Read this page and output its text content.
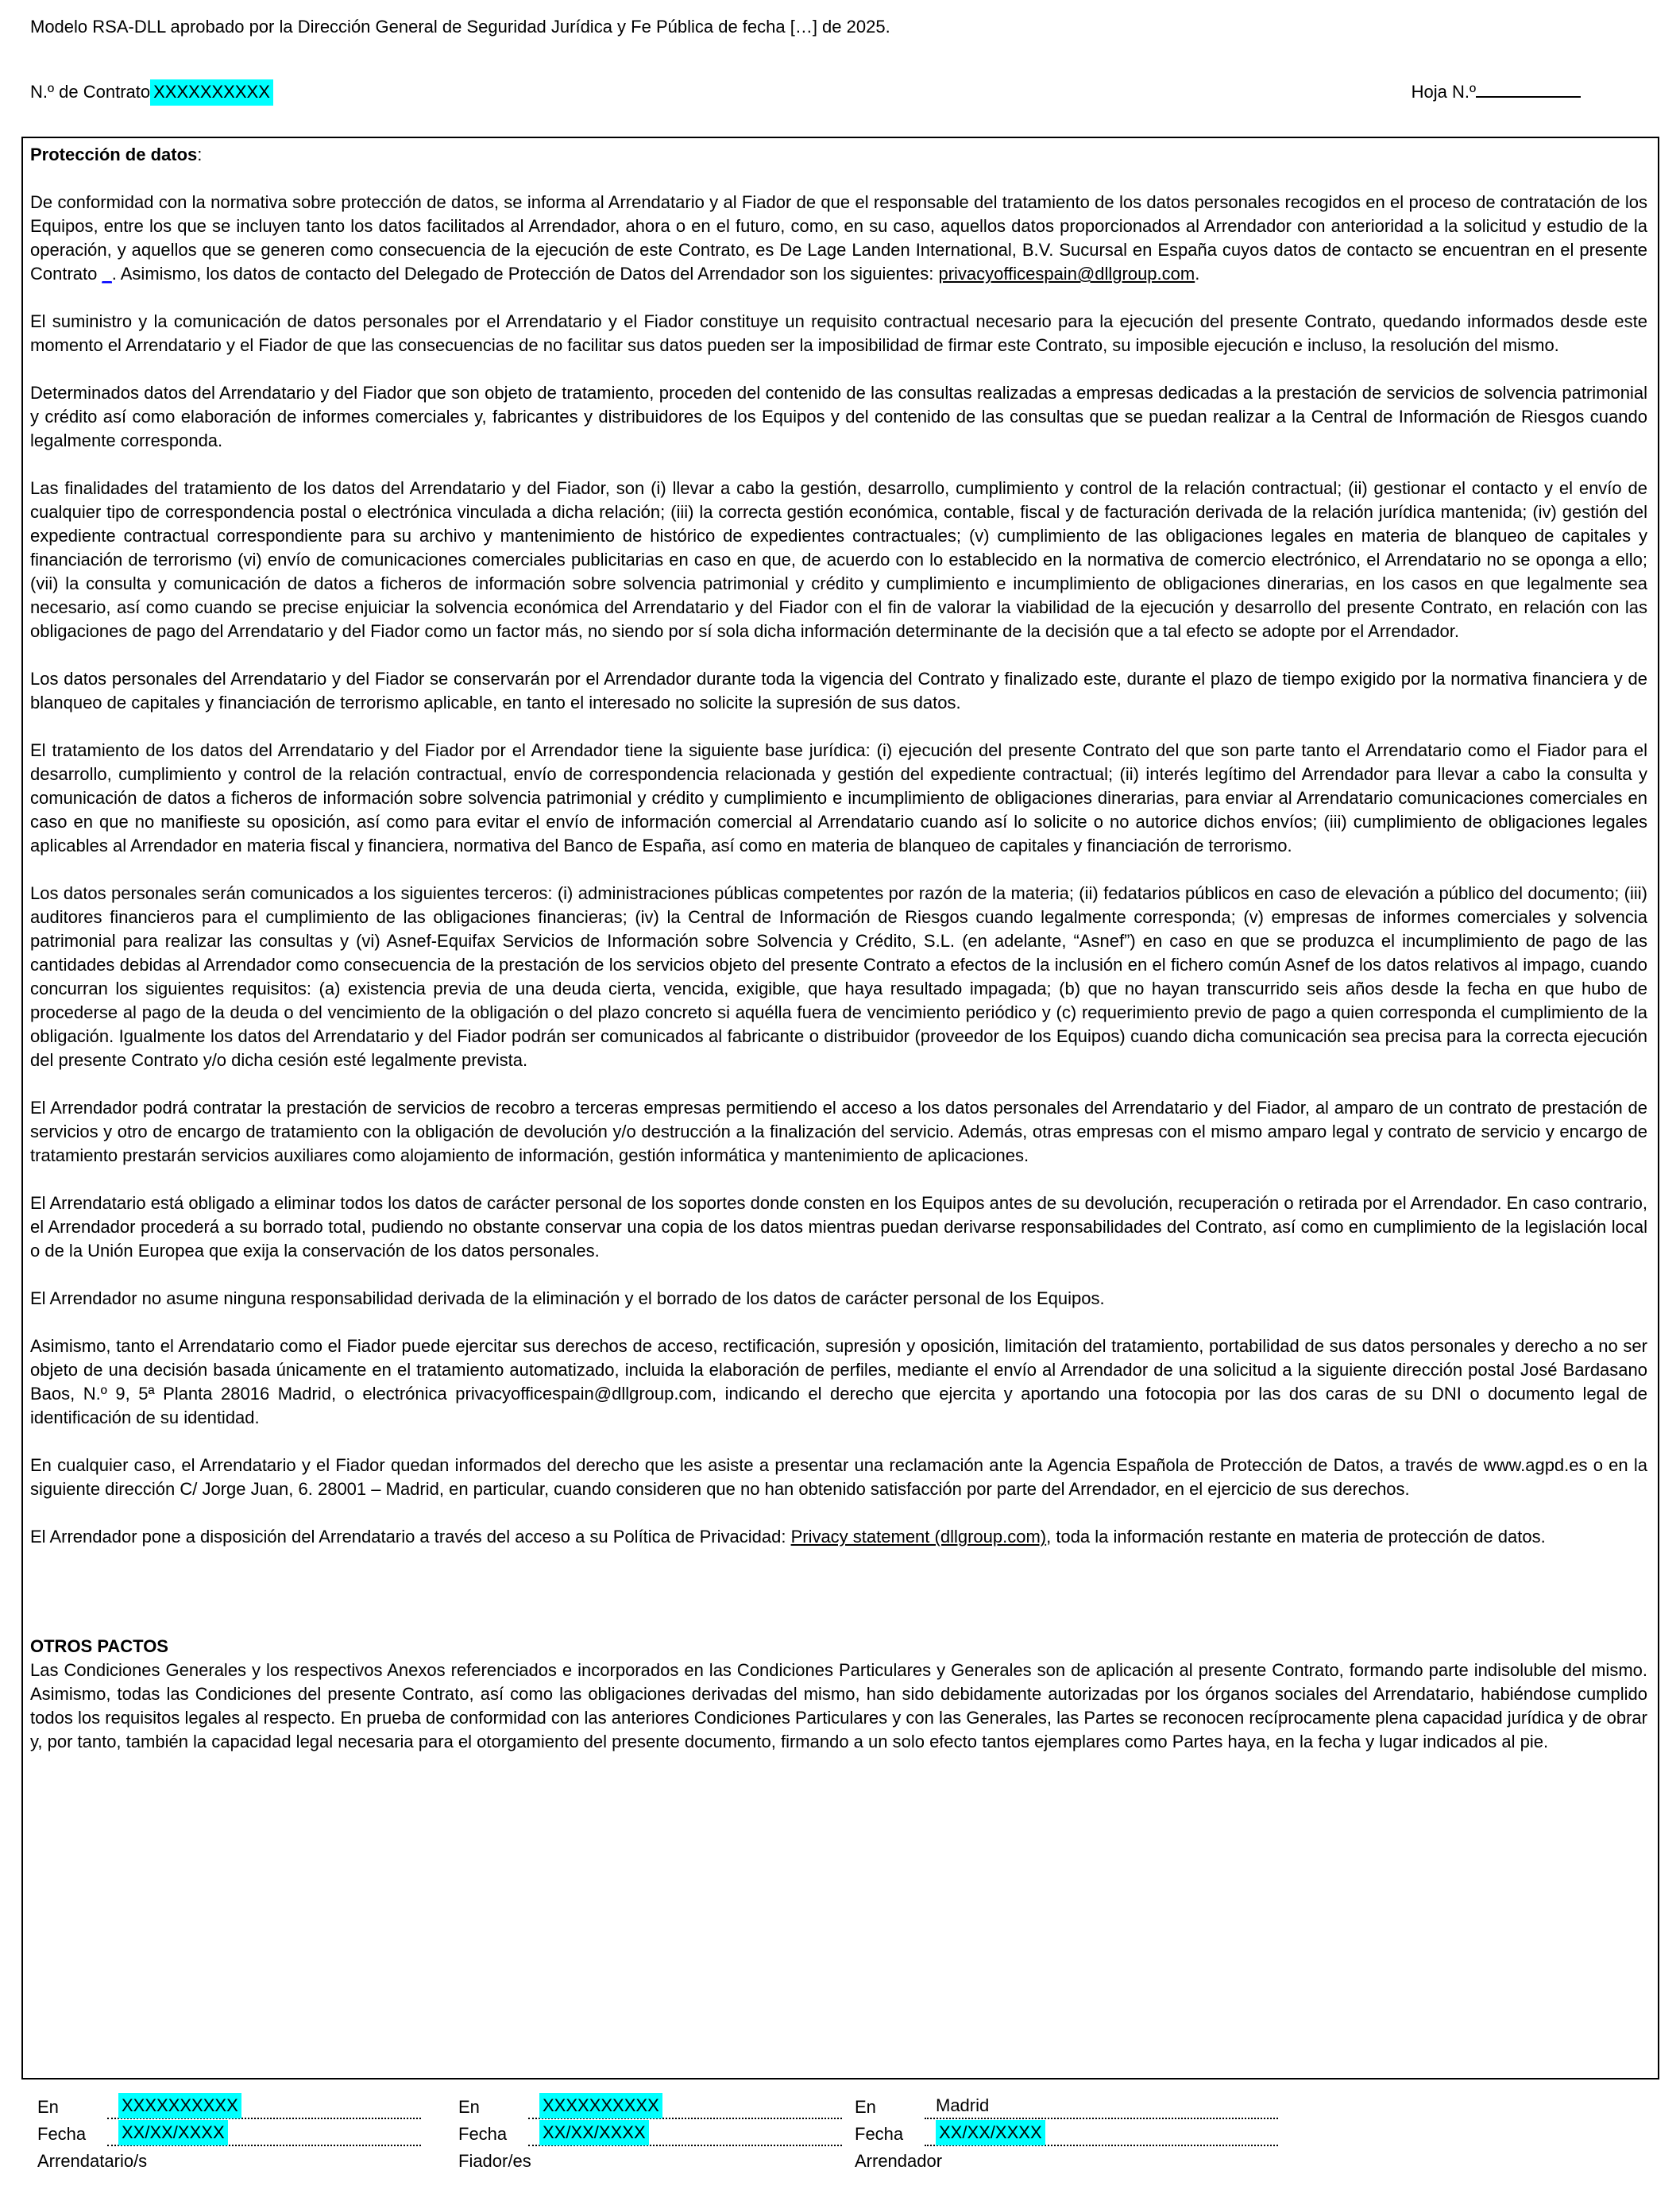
Modelo RSA-DLL aprobado por la Dirección General de Seguridad Jurídica y Fe Pública de fecha […] de 2025.
N.º de Contrato XXXXXXXXXX	Hoja N.º
Protección de datos:

De conformidad con la normativa sobre protección de datos, se informa al Arrendatario y al Fiador de que el responsable del tratamiento de los datos personales recogidos en el proceso de contratación de los Equipos, entre los que se incluyen tanto los datos facilitados al Arrendador, ahora o en el futuro, como, en su caso, aquellos datos proporcionados al Arrendador con anterioridad a la solicitud y estudio de la operación, y aquellos que se generen como consecuencia de la ejecución de este Contrato, es De Lage Landen International, B.V. Sucursal en España cuyos datos de contacto se encuentran en el presente Contrato _. Asimismo, los datos de contacto del Delegado de Protección de Datos del Arrendador son los siguientes: privacyofficespain@dllgroup.com.

El suministro y la comunicación de datos personales por el Arrendatario y el Fiador constituye un requisito contractual necesario para la ejecución del presente Contrato, quedando informados desde este momento el Arrendatario y el Fiador de que las consecuencias de no facilitar sus datos pueden ser la imposibilidad de firmar este Contrato, su imposible ejecución e incluso, la resolución del mismo.

Determinados datos del Arrendatario y del Fiador que son objeto de tratamiento, proceden del contenido de las consultas realizadas a empresas dedicadas a la prestación de servicios de solvencia patrimonial y crédito así como elaboración de informes comerciales y, fabricantes y distribuidores de los Equipos y del contenido de las consultas que se puedan realizar a la Central de Información de Riesgos cuando legalmente corresponda.

Las finalidades del tratamiento de los datos del Arrendatario y del Fiador, son (i) llevar a cabo la gestión, desarrollo, cumplimiento y control de la relación contractual; (ii) gestionar el contacto y el envío de cualquier tipo de correspondencia postal o electrónica vinculada a dicha relación; (iii) la correcta gestión económica, contable, fiscal y de facturación derivada de la relación jurídica mantenida; (iv) gestión del expediente contractual correspondiente para su archivo y mantenimiento de histórico de expedientes contractuales; (v) cumplimiento de las obligaciones legales en materia de blanqueo de capitales y financiación de terrorismo (vi) envío de comunicaciones comerciales publicitarias en caso en que, de acuerdo con lo establecido en la normativa de comercio electrónico, el Arrendatario no se oponga a ello; (vii) la consulta y comunicación de datos a ficheros de información sobre solvencia patrimonial y crédito y cumplimiento e incumplimiento de obligaciones dinerarias, en los casos en que legalmente sea necesario, así como cuando se precise enjuiciar la solvencia económica del Arrendatario y del Fiador con el fin de valorar la viabilidad de la ejecución y desarrollo del presente Contrato, en relación con las obligaciones de pago del Arrendatario y del Fiador como un factor más, no siendo por sí sola dicha información determinante de la decisión que a tal efecto se adopte por el Arrendador.

Los datos personales del Arrendatario y del Fiador se conservarán por el Arrendador durante toda la vigencia del Contrato y finalizado este, durante el plazo de tiempo exigido por la normativa financiera y de blanqueo de capitales y financiación de terrorismo aplicable, en tanto el interesado no solicite la supresión de sus datos.

El tratamiento de los datos del Arrendatario y del Fiador por el Arrendador tiene la siguiente base jurídica: (i) ejecución del presente Contrato del que son parte tanto el Arrendatario como el Fiador para el desarrollo, cumplimiento y control de la relación contractual, envío de correspondencia relacionada y gestión del expediente contractual; (ii) interés legítimo del Arrendador para llevar a cabo la consulta y comunicación de datos a ficheros de información sobre solvencia patrimonial y crédito y cumplimiento e incumplimiento de obligaciones dinerarias, para enviar al Arrendatario comunicaciones comerciales en caso en que no manifieste su oposición, así como para evitar el envío de información comercial al Arrendatario cuando así lo solicite o no autorice dichos envíos; (iii) cumplimiento de obligaciones legales aplicables al Arrendador en materia fiscal y financiera, normativa del Banco de España, así como en materia de blanqueo de capitales y financiación de terrorismo.

Los datos personales serán comunicados a los siguientes terceros: (i) administraciones públicas competentes por razón de la materia; (ii) fedatarios públicos en caso de elevación a público del documento; (iii) auditores financieros para el cumplimiento de las obligaciones financieras; (iv) la Central de Información de Riesgos cuando legalmente corresponda; (v) empresas de informes comerciales y solvencia patrimonial para realizar las consultas y (vi) Asnef-Equifax Servicios de Información sobre Solvencia y Crédito, S.L. (en adelante, “Asnef”) en caso en que se produzca el incumplimiento de pago de las cantidades debidas al Arrendador como consecuencia de la prestación de los servicios objeto del presente Contrato a efectos de la inclusión en el fichero común Asnef de los datos relativos al impago, cuando concurran los siguientes requisitos: (a) existencia previa de una deuda cierta, vencida, exigible, que haya resultado impagada; (b) que no hayan transcurrido seis años desde la fecha en que hubo de procederse al pago de la deuda o del vencimiento de la obligación o del plazo concreto si aquélla fuera de vencimiento periódico y (c) requerimiento previo de pago a quien corresponda el cumplimiento de la obligación. Igualmente los datos del Arrendatario y del Fiador podrán ser comunicados al fabricante o distribuidor (proveedor de los Equipos) cuando dicha comunicación sea precisa para la correcta ejecución del presente Contrato y/o dicha cesión esté legalmente prevista.

El Arrendador podrá contratar la prestación de servicios de recobro a terceras empresas permitiendo el acceso a los datos personales del Arrendatario y del Fiador, al amparo de un contrato de prestación de servicios y otro de encargo de tratamiento con la obligación de devolución y/o destrucción a la finalización del servicio. Además, otras empresas con el mismo amparo legal y contrato de servicio y encargo de tratamiento prestarán servicios auxiliares como alojamiento de información, gestión informática y mantenimiento de aplicaciones.

El Arrendatario está obligado a eliminar todos los datos de carácter personal de los soportes donde consten en los Equipos antes de su devolución, recuperación o retirada por el Arrendador. En caso contrario, el Arrendador procederá a su borrado total, pudiendo no obstante conservar una copia de los datos mientras puedan derivarse responsabilidades del Contrato, así como en cumplimiento de la legislación local o de la Unión Europea que exija la conservación de los datos personales.

El Arrendador no asume ninguna responsabilidad derivada de la eliminación y el borrado de los datos de carácter personal de los Equipos.

Asimismo, tanto el Arrendatario como el Fiador puede ejercitar sus derechos de acceso, rectificación, supresión y oposición, limitación del tratamiento, portabilidad de sus datos personales y derecho a no ser objeto de una decisión basada únicamente en el tratamiento automatizado, incluida la elaboración de perfiles, mediante el envío al Arrendador de una solicitud a la siguiente dirección postal José Bardasano Baos, N.º 9, 5ª Planta 28016 Madrid, o electrónica privacyofficespain@dllgroup.com, indicando el derecho que ejercita y aportando una fotocopia por las dos caras de su DNI o documento legal de identificación de su identidad.

En cualquier caso, el Arrendatario y el Fiador quedan informados del derecho que les asiste a presentar una reclamación ante la Agencia Española de Protección de Datos, a través de www.agpd.es o en la siguiente dirección C/ Jorge Juan, 6. 28001 – Madrid, en particular, cuando consideren que no han obtenido satisfacción por parte del Arrendador, en el ejercicio de sus derechos.

El Arrendador pone a disposición del Arrendatario a través del acceso a su Política de Privacidad: Privacy statement (dllgroup.com), toda la información restante en materia de protección de datos.

OTROS PACTOS

Las Condiciones Generales y los respectivos Anexos referenciados e incorporados en las Condiciones Particulares y Generales son de aplicación al presente Contrato, formando parte indisoluble del mismo. Asimismo, todas las Condiciones del presente Contrato, así como las obligaciones derivadas del mismo, han sido debidamente autorizadas por los órganos sociales del Arrendatario, habiéndose cumplido todos los requisitos legales al respecto. En prueba de conformidad con las anteriores Condiciones Particulares y con las Generales, las Partes se reconocen recíprocamente plena capacidad jurídica y de obrar y, por tanto, también la capacidad legal necesaria para el otorgamiento del presente documento, firmando a un solo efecto tantos ejemplares como Partes haya, en la fecha y lugar indicados al pie.

En	XXXXXXXXXX
Fecha	XX/XX/XXXX
Arrendatario/s
En	XXXXXXXXXX
Fecha	XX/XX/XXXX
Fiador/es
En	Madrid
Fecha	XX/XX/XXXX
Arrendador
